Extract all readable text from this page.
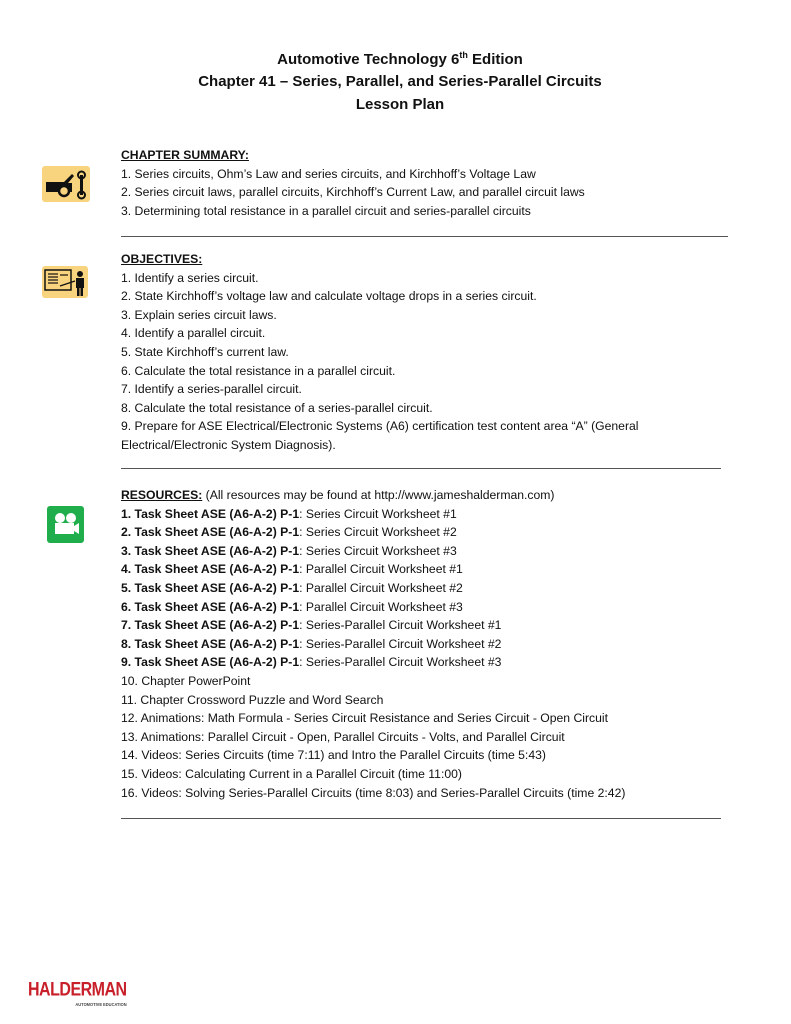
Automotive Technology 6th Edition
Chapter 41 – Series, Parallel, and Series-Parallel Circuits
Lesson Plan
CHAPTER SUMMARY:
1. Series circuits, Ohm’s Law and series circuits, and Kirchhoff’s Voltage Law
2. Series circuit laws, parallel circuits, Kirchhoff’s Current Law, and parallel circuit laws
3. Determining total resistance in a parallel circuit and series-parallel circuits
OBJECTIVES:
1. Identify a series circuit.
2. State Kirchhoff’s voltage law and calculate voltage drops in a series circuit.
3. Explain series circuit laws.
4. Identify a parallel circuit.
5. State Kirchhoff’s current law.
6. Calculate the total resistance in a parallel circuit.
7. Identify a series-parallel circuit.
8. Calculate the total resistance of a series-parallel circuit.
9. Prepare for ASE Electrical/Electronic Systems (A6) certification test content area “A” (General
Electrical/Electronic System Diagnosis).
RESOURCES: (All resources may be found at http://www.jameshalderman.com)
1. Task Sheet ASE (A6-A-2) P-1: Series Circuit Worksheet #1
2. Task Sheet ASE (A6-A-2) P-1: Series Circuit Worksheet #2
3. Task Sheet ASE (A6-A-2) P-1: Series Circuit Worksheet #3
4. Task Sheet ASE (A6-A-2) P-1: Parallel Circuit Worksheet #1
5. Task Sheet ASE (A6-A-2) P-1: Parallel Circuit Worksheet #2
6. Task Sheet ASE (A6-A-2) P-1: Parallel Circuit Worksheet #3
7. Task Sheet ASE (A6-A-2) P-1: Series-Parallel Circuit Worksheet #1
8. Task Sheet ASE (A6-A-2) P-1: Series-Parallel Circuit Worksheet #2
9. Task Sheet ASE (A6-A-2) P-1: Series-Parallel Circuit Worksheet #3
10. Chapter PowerPoint
11. Chapter Crossword Puzzle and Word Search
12. Animations: Math Formula - Series Circuit Resistance and Series Circuit - Open Circuit
13. Animations: Parallel Circuit - Open, Parallel Circuits - Volts, and Parallel Circuit
14. Videos: Series Circuits (time 7:11) and Intro the Parallel Circuits (time 5:43)
15. Videos: Calculating Current in a Parallel Circuit (time 11:00)
16. Videos: Solving Series-Parallel Circuits (time 8:03) and Series-Parallel Circuits (time 2:42)
HALDERMAN
AUTOMOTIVE EDUCATION
